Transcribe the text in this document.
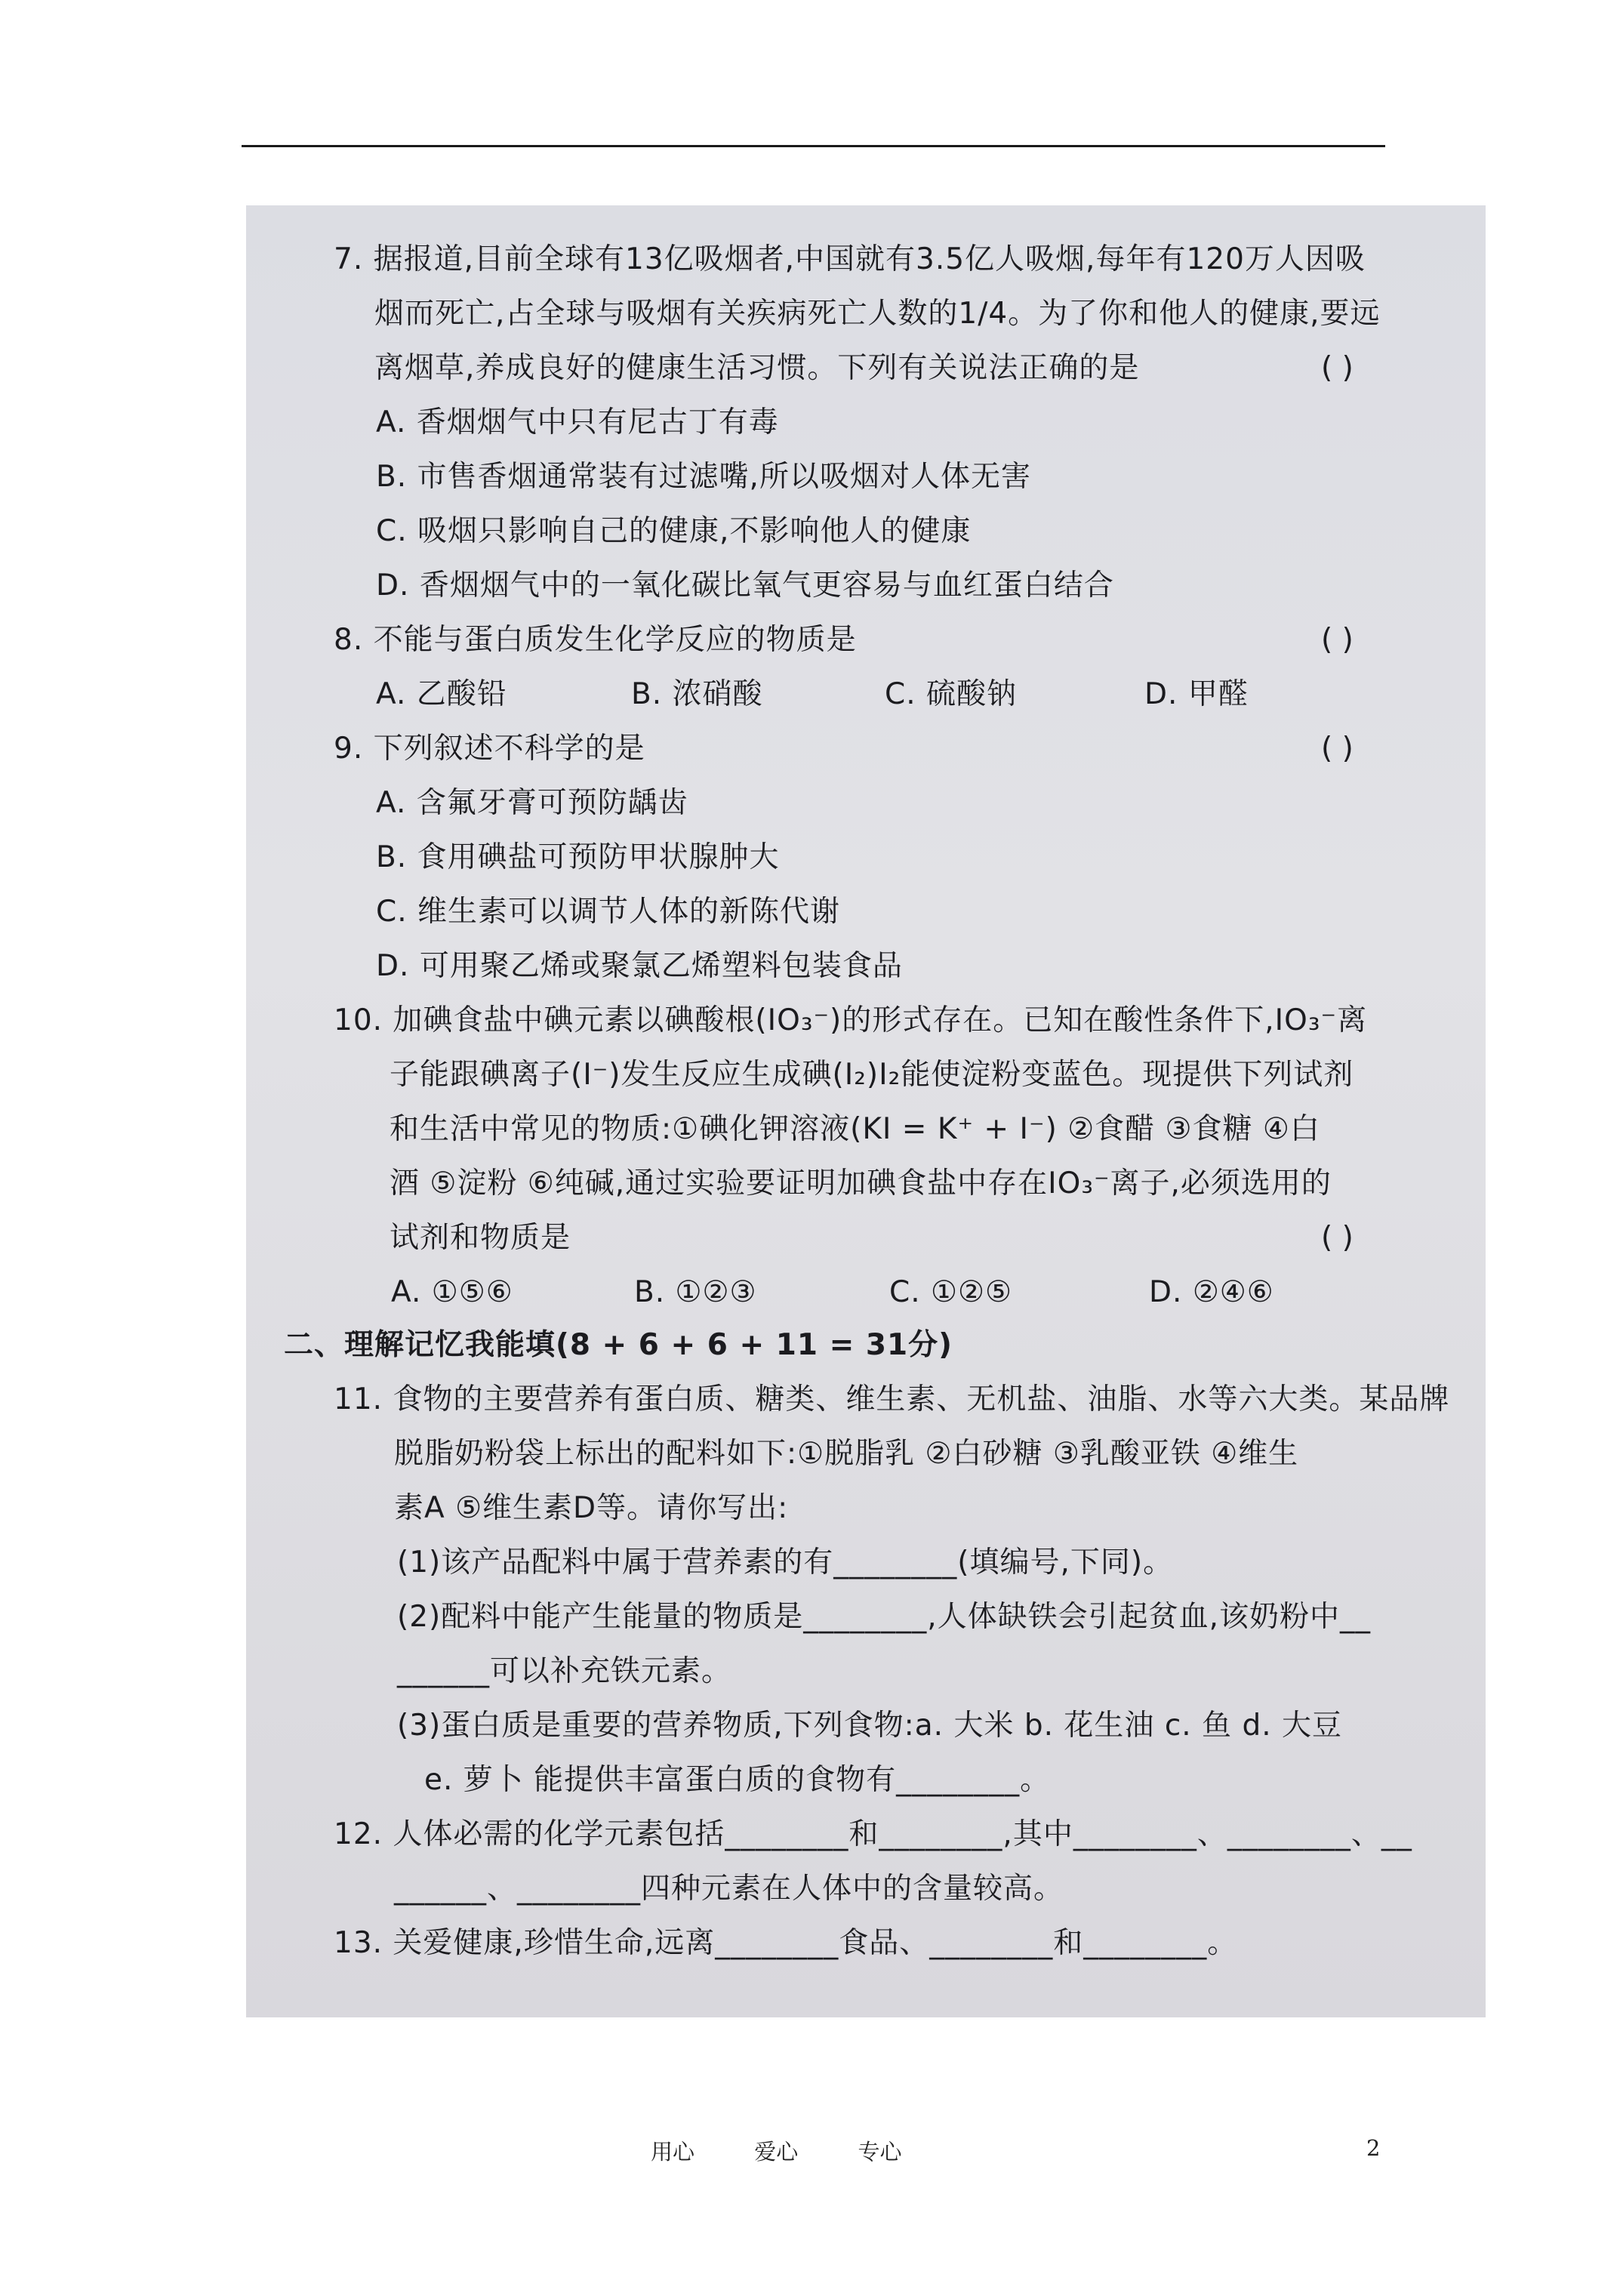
7. 据报道,目前全球有13亿吸烟者,中国就有3.5亿人吸烟,每年有120万人因吸
烟而死亡,占全球与吸烟有关疾病死亡人数的1/4。为了你和他人的健康,要远
离烟草,养成良好的健康生活习惯。下列有关说法正确的是	( )
A. 香烟烟气中只有尼古丁有毒
B. 市售香烟通常装有过滤嘴,所以吸烟对人体无害
C. 吸烟只影响自己的健康,不影响他人的健康
D. 香烟烟气中的一氧化碳比氧气更容易与血红蛋白结合
8. 不能与蛋白质发生化学反应的物质是	( )
A. 乙酸铅	B. 浓硝酸	C. 硫酸钠	D. 甲醛
9. 下列叙述不科学的是	( )
A. 含氟牙膏可预防龋齿
B. 食用碘盐可预防甲状腺肿大
C. 维生素可以调节人体的新陈代谢
D. 可用聚乙烯或聚氯乙烯塑料包装食品
10. 加碘食盐中碘元素以碘酸根(IO₃⁻)的形式存在。已知在酸性条件下,IO₃⁻离
子能跟碘离子(I⁻)发生反应生成碘(I₂)I₂能使淀粉变蓝色。现提供下列试剂
和生活中常见的物质:①碘化钾溶液(KI = K⁺ + I⁻) ②食醋 ③食糖 ④白
酒 ⑤淀粉 ⑥纯碱,通过实验要证明加碘食盐中存在IO₃⁻离子,必须选用的
试剂和物质是	( )
A. ①⑤⑥	B. ①②③	C. ①②⑤	D. ②④⑥
二、理解记忆我能填(8 + 6 + 6 + 11 = 31分)
11. 食物的主要营养有蛋白质、糖类、维生素、无机盐、油脂、水等六大类。某品牌
脱脂奶粉袋上标出的配料如下:①脱脂乳 ②白砂糖 ③乳酸亚铁 ④维生
素A ⑤维生素D等。请你写出:
(1)该产品配料中属于营养素的有________(填编号,下同)。
(2)配料中能产生能量的物质是________,人体缺铁会引起贫血,该奶粉中__
______可以补充铁元素。
(3)蛋白质是重要的营养物质,下列食物:a. 大米 b. 花生油 c. 鱼 d. 大豆
e. 萝卜 能提供丰富蛋白质的食物有________。
12. 人体必需的化学元素包括________和________,其中________、________、__
______、________四种元素在人体中的含量较高。
13. 关爱健康,珍惜生命,远离________食品、________和________。
用心	爱心	专心	2
